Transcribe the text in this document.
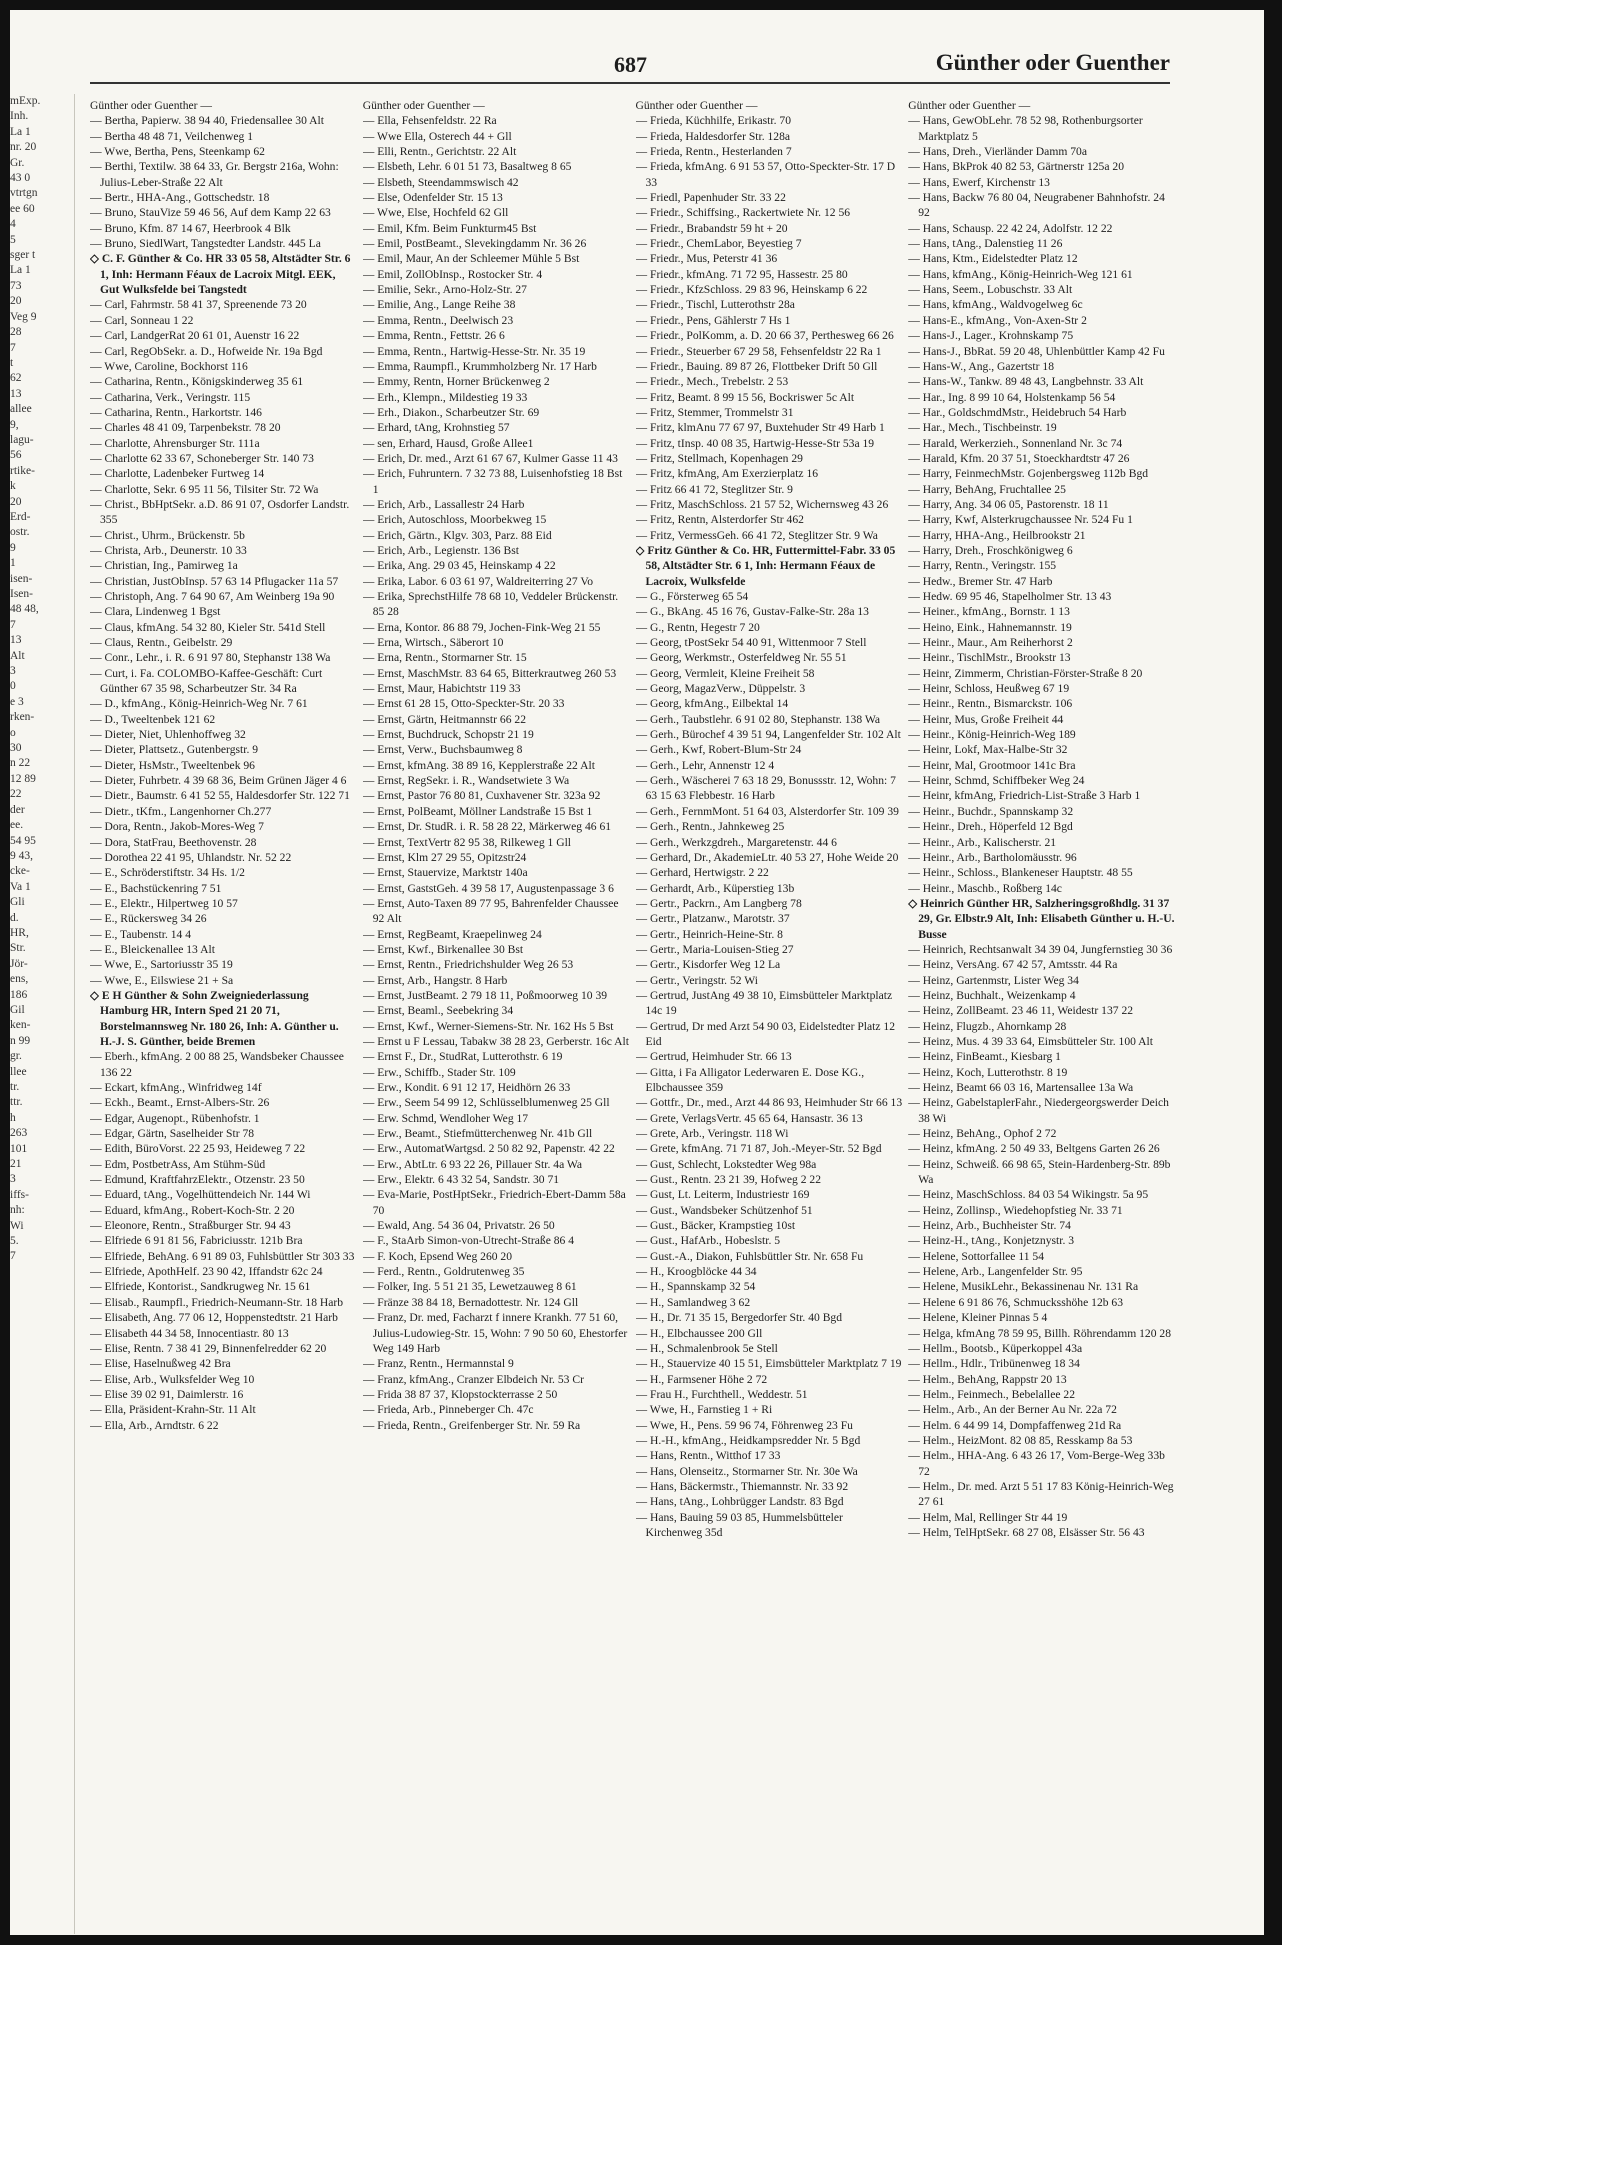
mExp.
Inh.
La 1
nr. 20
Gr.
43 0
vtrtgn
ee 60
4
5
sger t
La 1
73
20
Veg 9
28
7
t
62
13
allee
9,
lagu-
56
rtike-
k
20
Erd-
ostr.
9
1
isen-
Isen-
48 48,
7
13
Alt
3
0
e 3
rken-
o
30
n 22
12 89
22
der
ee.
54 95
9 43,
cke-
Va 1
Gli
d.
HR,
Str.
Jör-
ens,
186
Gil
ken-
n 99
gr.
llee
tr.
ttr.
h
263
101
21
3
iffs-
nh:
Wi
5.
7
687	Günther oder Guenther
Günther oder Guenther —
— Bertha, Papierw. 38 94 40, Friedensallee 30 Alt
— Bertha 48 48 71, Veilchenweg 1
— Wwe, Bertha, Pens, Steenkamp 62
— Berthi, Textilw. 38 64 33, Gr. Bergstr 216a, Wohn: Julius-Leber-Straße 22 Alt
— Bertr., HHA-Ang., Gottschedstr. 18
— Bruno, StauVize 59 46 56, Auf dem Kamp 22 63
— Bruno, Kfm. 87 14 67, Heerbrook 4 Blk
— Bruno, SiedlWart, Tangstedter Landstr. 445 La
◇ C. F. Günther & Co. HR 33 05 58, Altstädter Str. 6 1, Inh: Hermann Féaux de Lacroix Mitgl. EEK, Gut Wulksfelde bei Tangstedt
— Carl, Fahrmstr. 58 41 37, Spreenende 73 20
— Carl, Sonneau 1 22
— Carl, LandgerRat 20 61 01, Auenstr 16 22
— Carl, RegObSekr. a. D., Hofweide Nr. 19a Bgd
— Wwe, Caroline, Bockhorst 116
— Catharina, Rentn., Königskinderweg 35 61
— Catharina, Verk., Veringstr. 115
— Catharina, Rentn., Harkortstr. 146
— Charles 48 41 09, Tarpenbekstr. 78 20
— Charlotte, Ahrensburger Str. 111a
— Charlotte 62 33 67, Schoneberger Str. 140 73
— Charlotte, Ladenbeker Furtweg 14
— Charlotte, Sekr. 6 95 11 56, Tilsiter Str. 72 Wa
— Christ., BbHptSekr. a.D. 86 91 07, Osdorfer Landstr. 355
— Christ., Uhrm., Brückenstr. 5b
— Christa, Arb., Deunerstr. 10 33
— Christian, Ing., Pamirweg 1a
— Christian, JustObInsp. 57 63 14 Pflugacker 11a 57
— Christoph, Ang. 7 64 90 67, Am Weinberg 19a 90
— Clara, Lindenweg 1 Bgst
— Claus, kfmAng. 54 32 80, Kieler Str. 541d Stell
— Claus, Rentn., Geibelstr. 29
— Conr., Lehr., i. R. 6 91 97 80, Stephanstr 138 Wa
— Curt, i. Fa. COLOMBO-Kaffee-Geschäft: Curt Günther 67 35 98, Scharbeutzer Str. 34 Ra
— D., kfmAng., König-Heinrich-Weg Nr. 7 61
— D., Tweeltenbek 121 62
— Dieter, Niet, Uhlenhoffweg 32
— Dieter, Plattsetz., Gutenbergstr. 9
— Dieter, HsMstr., Tweeltenbek 96
— Dieter, Fuhrbetr. 4 39 68 36, Beim Grünen Jäger 4 6
— Dietr., Baumstr. 6 41 52 55, Haldesdorfer Str. 122 71
— Dietr., tKfm., Langenhorner Ch.277
— Dora, Rentn., Jakob-Mores-Weg 7
— Dora, StatFrau, Beethovenstr. 28
— Dorothea 22 41 95, Uhlandstr. Nr. 52 22
— E., Schröderstiftstr. 34 Hs. 1/2
— E., Bachstückenring 7 51
— E., Elektr., Hilpertweg 10 57
— E., Rückersweg 34 26
— E., Taubenstr. 14 4
— E., Bleickenallee 13 Alt
— Wwe, E., Sartoriusstr 35 19
— Wwe, E., Eilswiese 21 + Sa
◇ E H Günther & Sohn Zweigniederlassung Hamburg HR, Intern Sped 21 20 71, Borstelmannsweg Nr. 180 26, Inh: A. Günther u. H.-J. S. Günther, beide Bremen
— Eberh., kfmAng. 2 00 88 25, Wandsbeker Chaussee 136 22
— Eckart, kfmAng., Winfridweg 14f
— Eckh., Beamt., Ernst-Albers-Str. 26
— Edgar, Augenopt., Rübenhofstr. 1
— Edgar, Gärtn, Saselheider Str 78
— Edith, BüroVorst. 22 25 93, Heideweg 7 22
— Edm, PostbetrAss, Am Stühm-Süd
— Edmund, KraftfahrzElektr., Otzenstr. 23 50
— Eduard, tAng., Vogelhüttendeich Nr. 144 Wi
— Eduard, kfmAng., Robert-Koch-Str. 2 20
— Eleonore, Rentn., Straßburger Str. 94 43
— Elfriede 6 91 81 56, Fabriciusstr. 121b Bra
— Elfriede, BehAng. 6 91 89 03, Fuhlsbüttler Str 303 33
— Elfriede, ApothHelf. 23 90 42, Iffandstr 62c 24
— Elfriede, Kontorist., Sandkrugweg Nr. 15 61
— Elisab., Raumpfl., Friedrich-Neumann-Str. 18 Harb
— Elisabeth, Ang. 77 06 12, Hoppenstedtstr. 21 Harb
— Elisabeth 44 34 58, Innocentiastr. 80 13
— Elise, Rentn. 7 38 41 29, Binnenfelredder 62 20
— Elise, Haselnußweg 42 Bra
— Elise, Arb., Wulksfelder Weg 10
— Elise 39 02 91, Daimlerstr. 16
— Ella, Präsident-Krahn-Str. 11 Alt
— Ella, Arb., Arndtstr. 6 22
Günther oder Guenther —
— Ella, Fehsenfeldstr. 22 Ra
— Wwe Ella, Osterech 44 + Gll
— Elli, Rentn., Gerichtstr. 22 Alt
— Elsbeth, Lehr. 6 01 51 73, Basaltweg 8 65
— Elsbeth, Steendammswisch 42
— Else, Odenfelder Str. 15 13
— Wwe, Else, Hochfeld 62 Gll
— Emil, Kfm. Beim Funkturm45 Bst
— Emil, PostBeamt., Slevekingdamm Nr. 36 26
— Emil, Maur, An der Schleemer Mühle 5 Bst
— Emil, ZollObInsp., Rostocker Str. 4
— Emilie, Sekr., Arno-Holz-Str. 27
— Emilie, Ang., Lange Reihe 38
— Emma, Rentn., Deelwisch 23
— Emma, Rentn., Fettstr. 26 6
— Emma, Rentn., Hartwig-Hesse-Str. Nr. 35 19
— Emma, Raumpfl., Krummholzberg Nr. 17 Harb
— Emmy, Rentn, Horner Brückenweg 2
— Erh., Klempn., Mildestieg 19 33
— Erh., Diakon., Scharbeutzer Str. 69
— Erhard, tAng, Krohnstieg 57
— sen, Erhard, Hausd, Große Allee1
— Erich, Dr. med., Arzt 61 67 67, Kulmer Gasse 11 43
— Erich, Fuhruntern. 7 32 73 88, Luisenhofstieg 18 Bst 1
— Erich, Arb., Lassallestr 24 Harb
— Erich, Autoschloss, Moorbekweg 15
— Erich, Gärtn., Klgv. 303, Parz. 88 Eid
— Erich, Arb., Legienstr. 136 Bst
— Erika, Ang. 29 03 45, Heinskamp 4 22
— Erika, Labor. 6 03 61 97, Waldreiterring 27 Vo
— Erika, SprechstHilfe 78 68 10, Veddeler Brückenstr. 85 28
— Erna, Kontor. 86 88 79, Jochen-Fink-Weg 21 55
— Erna, Wirtsch., Säberort 10
— Erna, Rentn., Stormarner Str. 15
— Ernst, MaschMstr. 83 64 65, Bitterkrautweg 260 53
— Ernst, Maur, Habichtstr 119 33
— Ernst 61 28 15, Otto-Speckter-Str. 20 33
— Ernst, Gärtn, Heitmannstr 66 22
— Ernst, Buchdruck, Schopstr 21 19
— Ernst, Verw., Buchsbaumweg 8
— Ernst, kfmAng. 38 89 16, Kepplerstraße 22 Alt
— Ernst, RegSekr. i. R., Wandsetwiete 3 Wa
— Ernst, Pastor 76 80 81, Cuxhavener Str. 323a 92
— Ernst, PolBeamt, Möllner Landstraße 15 Bst 1
— Ernst, Dr. StudR. i. R. 58 28 22, Märkerweg 46 61
— Ernst, TextVertr 82 95 38, Rilkeweg 1 Gll
— Ernst, Klm 27 29 55, Opitzstr24
— Ernst, Stauervize, Marktstr 140a
— Ernst, GaststGeh. 4 39 58 17, Augustenpassage 3 6
— Ernst, Auto-Taxen 89 77 95, Bahrenfelder Chaussee 92 Alt
— Ernst, RegBeamt, Kraepelinweg 24
— Ernst, Kwf., Birkenallee 30 Bst
— Ernst, Rentn., Friedrichshulder Weg 26 53
— Ernst, Arb., Hangstr. 8 Harb
— Ernst, JustBeamt. 2 79 18 11, Poßmoorweg 10 39
— Ernst, Beaml., Seebekring 34
— Ernst, Kwf., Werner-Siemens-Str. Nr. 162 Hs 5 Bst
— Ernst u F Lessau, Tabakw 38 28 23, Gerberstr. 16c Alt
— Ernst F., Dr., StudRat, Lutterothstr. 6 19
— Erw., Schiffb., Stader Str. 109
— Erw., Kondit. 6 91 12 17, Heidhörn 26 33
— Erw., Seem 54 99 12, Schlüsselblumenweg 25 Gll
— Erw. Schmd, Wendloher Weg 17
— Erw., Beamt., Stiefmütterchenweg Nr. 41b Gll
— Erw., AutomatWartgsd. 2 50 82 92, Papenstr. 42 22
— Erw., AbtLtr. 6 93 22 26, Pillauer Str. 4a Wa
— Erw., Elektr. 6 43 32 54, Sandstr. 30 71
— Eva-Marie, PostHptSekr., Friedrich-Ebert-Damm 58a 70
— Ewald, Ang. 54 36 04, Privatstr. 26 50
— F., StaArb Simon-von-Utrecht-Straße 86 4
— F. Koch, Epsend Weg 260 20
— Ferd., Rentn., Goldrutenweg 35
— Folker, Ing. 5 51 21 35, Lewetzauweg 8 61
— Fränze 38 84 18, Bernadottestr. Nr. 124 Gll
— Franz, Dr. med, Facharzt f innere Krankh. 77 51 60, Julius-Ludowieg-Str. 15, Wohn: 7 90 50 60, Ehestorfer Weg 149 Harb
— Franz, Rentn., Hermannstal 9
— Franz, kfmAng., Cranzer Elbdeich Nr. 53 Cr
— Frida 38 87 37, Klopstockterrasse 2 50
— Frieda, Arb., Pinneberger Ch. 47c
— Frieda, Rentn., Greifenberger Str. Nr. 59 Ra
Günther oder Guenther —
— Frieda, Küchhilfe, Erikastr. 70
— Frieda, Haldesdorfer Str. 128a
— Frieda, Rentn., Hesterlanden 7
— Frieda, kfmAng. 6 91 53 57, Otto-Speckter-Str. 17 D 33
— Friedl, Papenhuder Str. 33 22
— Friedr., Schiffsing., Rackertwiete Nr. 12 56
— Friedr., Brabandstr 59 ht + 20
— Friedr., ChemLabor, Beyestieg 7
— Friedr., Mus, Peterstr 41 36
— Friedr., kfmAng. 71 72 95, Hassestr. 25 80
— Friedr., KfzSchloss. 29 83 96, Heinskamp 6 22
— Friedr., Tischl, Lutterothstr 28a
— Friedr., Pens, Gählerstr 7 Hs 1
— Friedr., PolKomm, a. D. 20 66 37, Perthesweg 66 26
— Friedr., Steuerber 67 29 58, Fehsenfeldstr 22 Ra 1
— Friedr., Bauing. 89 87 26, Flottbeker Drift 50 Gll
— Friedr., Mech., Trebelstr. 2 53
— Fritz, Beamt. 8 99 15 56, Bockriswег 5c Alt
— Fritz, Stemmer, Trommelstr 31
— Fritz, klmAnu 77 67 97, Buxtehuder Str 49 Harb 1
— Fritz, tInsp. 40 08 35, Hartwig-Hesse-Str 53a 19
— Fritz, Stellmach, Kopenhagen 29
— Fritz, kfmAng, Am Exerzierplatz 16
— Fritz 66 41 72, Steglitzer Str. 9
— Fritz, MaschSchloss. 21 57 52, Wichernsweg 43 26
— Fritz, Rentn, Alsterdorfer Str 462
— Fritz, VermessGeh. 66 41 72, Steglitzer Str. 9 Wa
◇ Fritz Günther & Co. HR, Futtermittel-Fabr. 33 05 58, Altstädter Str. 6 1, Inh: Hermann Féaux de Lacroix, Wulksfelde
— G., Försterweg 65 54
— G., BkAng. 45 16 76, Gustav-Falke-Str. 28a 13
— G., Rentn, Hegestr 7 20
— Georg, tPostSekr 54 40 91, Wittenmoor 7 Stell
— Georg, Werkmstr., Osterfeldweg Nr. 55 51
— Georg, Vermleit, Kleine Freiheit 58
— Georg, MagazVerw., Düppelstr. 3
— Georg, kfmAng., Eilbektal 14
— Gerh., Taubstlehr. 6 91 02 80, Stephanstr. 138 Wa
— Gerh., Bürochef 4 39 51 94, Langenfelder Str. 102 Alt
— Gerh., Kwf, Robert-Blum-Str 24
— Gerh., Lehr, Annenstr 12 4
— Gerh., Wäschereі 7 63 18 29, Bonussstr. 12, Wohn: 7 63 15 63 Flebbestr. 16 Harb
— Gerh., FernmMont. 51 64 03, Alsterdorfer Str. 109 39
— Gerh., Rentn., Jahnkeweg 25
— Gerh., Werkzgdreh., Margaretenstr. 44 6
— Gerhard, Dr., AkademieLtr. 40 53 27, Hohe Weide 20
— Gerhard, Hertwigstr. 2 22
— Gerhardt, Arb., Küperstieg 13b
— Gertr., Packrn., Am Langberg 78
— Gertr., Platzanw., Marotstr. 37
— Gertr., Heinrich-Heine-Str. 8
— Gertr., Maria-Louisen-Stieg 27
— Gertr., Kisdorfer Weg 12 La
— Gertr., Veringstr. 52 Wi
— Gertrud, JustAng 49 38 10, Eimsbütteler Marktplatz 14c 19
— Gertrud, Dr med Arzt 54 90 03, Eidelstedter Platz 12 Eid
— Gertrud, Heimhuder Str. 66 13
— Gitta, i Fa Alligator Lederwaren E. Dose KG., Elbchaussee 359
— Gottfr., Dr., med., Arzt 44 86 93, Heimhuder Str 66 13
— Grete, VerlagsVertr. 45 65 64, Hansastr. 36 13
— Grete, Arb., Veringstr. 118 Wi
— Grete, kfmAng. 71 71 87, Joh.-Meyer-Str. 52 Bgd
— Gust, Schlecht, Lokstedter Weg 98a
— Gust., Rentn. 23 21 39, Hofweg 2 22
— Gust, Lt. Leiterm, Industriestr 169
— Gust., Wandsbeker Schützenhof 51
— Gust., Bäcker, Krampstieg 10st
— Gust., HafArb., Hobeslstr. 5
— Gust.-A., Diakon, Fuhlsbüttler Str. Nr. 658 Fu
— H., Kroogblöcke 44 34
— H., Spannskamp 32 54
— H., Samlandweg 3 62
— H., Dr. 71 35 15, Bergedorfer Str. 40 Bgd
— H., Elbchaussee 200 Gll
— H., Schmalenbrook 5e Stell
— H., Stauervize 40 15 51, Eimsbütteler Marktplatz 7 19
— H., Farmsener Höhe 2 72
— Frau H., Furchthell., Weddestr. 51
— Wwe, H., Farnstieg 1 + Ri
— Wwe, H., Pens. 59 96 74, Föhrenweg 23 Fu
— H.-H., kfmAng., Heidkampsredder Nr. 5 Bgd
— Hans, Rentn., Witthof 17 33
— Hans, Olenseitz., Stormarner Str. Nr. 30e Wa
— Hans, Bäckermstr., Thiemannstr. Nr. 33 92
— Hans, tAng., Lohbrügger Landstr. 83 Bgd
— Hans, Bauing 59 03 85, Hummelsbütteler Kirchenweg 35d
Günther oder Guenther —
— Hans, GewObLehr. 78 52 98, Rothenburgsorter Marktplatz 5
— Hans, Dreh., Vierländer Damm 70a
— Hans, BkProk 40 82 53, Gärtnerstr 125a 20
— Hans, Ewerf, Kirchenstr 13
— Hans, Backw 76 80 04, Neugrabener Bahnhofstr. 24 92
— Hans, Schausp. 22 42 24, Adolfstr. 12 22
— Hans, tAng., Dalenstieg 11 26
— Hans, Ktm., Eidelstedter Platz 12
— Hans, kfmAng., König-Heinrich-Weg 121 61
— Hans, Seem., Lobuschstr. 33 Alt
— Hans, kfmAng., Waldvogelweg 6c
— Hans-E., kfmAng., Von-Axen-Str 2
— Hans-J., Lager., Krohnskamp 75
— Hans-J., BbRat. 59 20 48, Uhlenbüttler Kamp 42 Fu
— Hans-W., Ang., Gazertstr 18
— Hans-W., Tankw. 89 48 43, Langbehnstr. 33 Alt
— Har., Ing. 8 99 10 64, Holstenkamp 56 54
— Har., GoldschmdMstr., Heidebruch 54 Harb
— Har., Mech., Tischbeinstr. 19
— Harald, Werkerzieh., Sonnenland Nr. 3c 74
— Harald, Kfm. 20 37 51, Stoeckhardtstr 47 26
— Harry, FeinmechMstr. Gojenbergsweg 112b Bgd
— Harry, BehAng, Fruchtallee 25
— Harry, Ang. 34 06 05, Pastorenstr. 18 11
— Harry, Kwf, Alsterkrugchaussee Nr. 524 Fu 1
— Harry, HHA-Ang., Heilbrookstr 21
— Harry, Dreh., Froschkönigweg 6
— Harry, Rentn., Veringstr. 155
— Hedw., Bremer Str. 47 Harb
— Hedw. 69 95 46, Stapelholmer Str. 13 43
— Heiner., kfmAng., Bornstr. 1 13
— Heino, Eink., Hahnemannstr. 19
— Heinr., Maur., Am Reiherhorst 2
— Heinr., TischlMstr., Brookstr 13
— Heinr, Zimmerm, Christian-Förster-Straße 8 20
— Heinr, Schloss, Heußweg 67 19
— Heinr., Rentn., Bismarckstr. 106
— Heinr, Mus, Große Freiheit 44
— Heinr., König-Heinrich-Weg 189
— Heinr, Lokf, Max-Halbe-Str 32
— Heinr, Mal, Grootmoor 141c Bra
— Heinr, Schmd, Schiffbeker Weg 24
— Heinr, kfmAng, Friedrich-List-Straße 3 Harb 1
— Heinr., Buchdr., Spannskamp 32
— Heinr., Dreh., Höperfeld 12 Bgd
— Heinr., Arb., Kalischerstr. 21
— Heinr., Arb., Bartholomäusstr. 96
— Heinr., Schloss., Blankeneser Hauptstr. 48 55
— Heinr., Maschb., Roßberg 14c
◇ Heinrich Günther HR, Salzheringsgroßhdlg. 31 37 29, Gr. Elbstr.9 Alt, Inh: Elisabeth Günther u. H.-U. Busse
— Heinrich, Rechtsanwalt 34 39 04, Jungfernstieg 30 36
— Heinz, VersAng. 67 42 57, Amtsstr. 44 Ra
— Heinz, Gartenmstr, Lister Weg 34
— Heinz, Buchhalt., Weizenkamp 4
— Heinz, ZollBeamt. 23 46 11, Weidestr 137 22
— Heinz, Flugzb., Ahornkamp 28
— Heinz, Mus. 4 39 33 64, Eimsbütteler Str. 100 Alt
— Heinz, FinBeamt., Kiesbarg 1
— Heinz, Koch, Lutterothstr. 8 19
— Heinz, Beamt 66 03 16, Martensallee 13a Wa
— Heinz, GabelstaplerFahr., Niedergeorgswerder Deich 38 Wi
— Heinz, BehAng., Ophof 2 72
— Heinz, kfmAng. 2 50 49 33, Beltgens Garten 26 26
— Heinz, Schweiß. 66 98 65, Stein-Hardenberg-Str. 89b Wa
— Heinz, MaschSchloss. 84 03 54 Wikingstr. 5a 95
— Heinz, Zollinsp., Wiedehopfstieg Nr. 33 71
— Heinz, Arb., Buchheister Str. 74
— Heinz-H., tAng., Konjetznystr. 3
— Helene, Sottorfallee 11 54
— Helene, Arb., Langenfelder Str. 95
— Helene, MusikLehr., Bekassinenau Nr. 131 Ra
— Helene 6 91 86 76, Schmucksshöhe 12b 63
— Helene, Kleiner Pinnas 5 4
— Helga, kfmAng 78 59 95, Billh. Röhrendamm 120 28
— Hellm., Bootsb., Küperkoppel 43a
— Hellm., Hdlr., Tribünenweg 18 34
— Helm., BehAng, Rappstr 20 13
— Helm., Feinmech., Bebelallee 22
— Helm., Arb., An der Berner Au Nr. 22a 72
— Helm. 6 44 99 14, Dompfaffenweg 21d Ra
— Helm., HeizMont. 82 08 85, Resskamp 8a 53
— Helm., HHA-Ang. 6 43 26 17, Vom-Berge-Weg 33b 72
— Helm., Dr. med. Arzt 5 51 17 83 König-Heinrich-Weg 27 61
— Helm, Mal, Rellinger Str 44 19
— Helm, TelHptSekr. 68 27 08, Elsässer Str. 56 43
